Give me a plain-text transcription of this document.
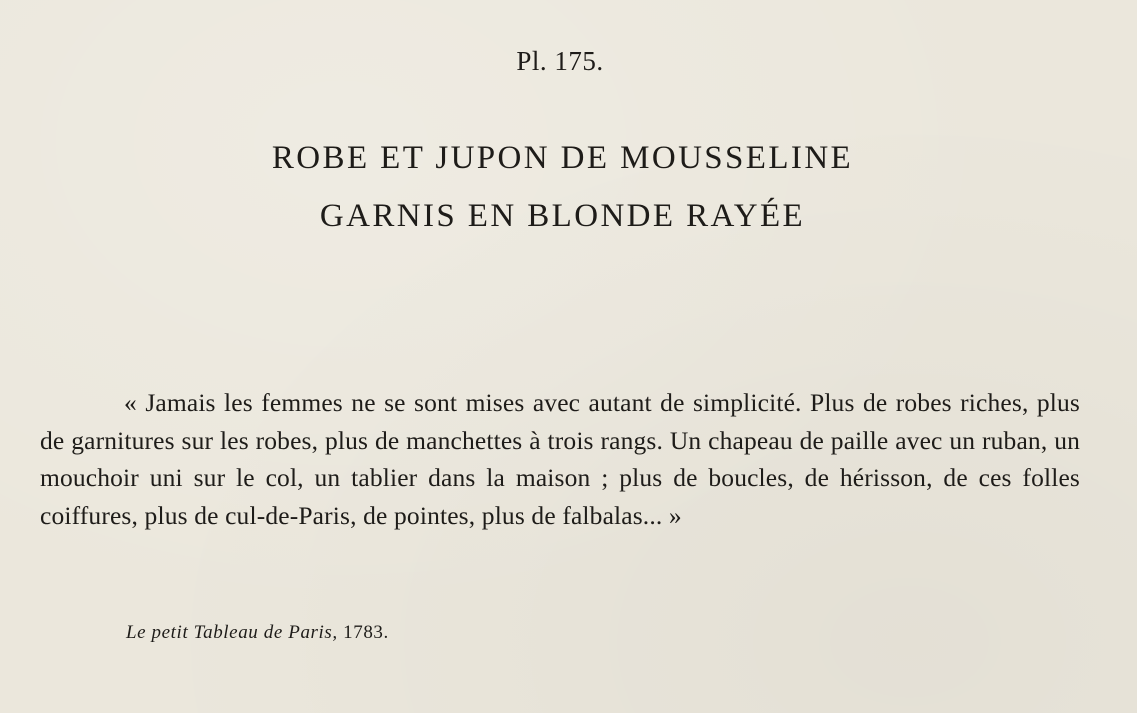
Pl. 175.
ROBE ET JUPON DE MOUSSELINE
GARNIS EN BLONDE RAYÉE

« Jamais les femmes ne se sont mises avec autant de simplicité. Plus de robes riches, plus de garnitures sur les robes, plus de manchettes à trois rangs. Un chapeau de paille avec un ruban, un mouchoir uni sur le col, un tablier dans la maison ; plus de boucles, de hérisson, de ces folles coiffures, plus de cul-de-Paris, de pointes, plus de falbalas... »

Le petit Tableau de Paris, 1783.
